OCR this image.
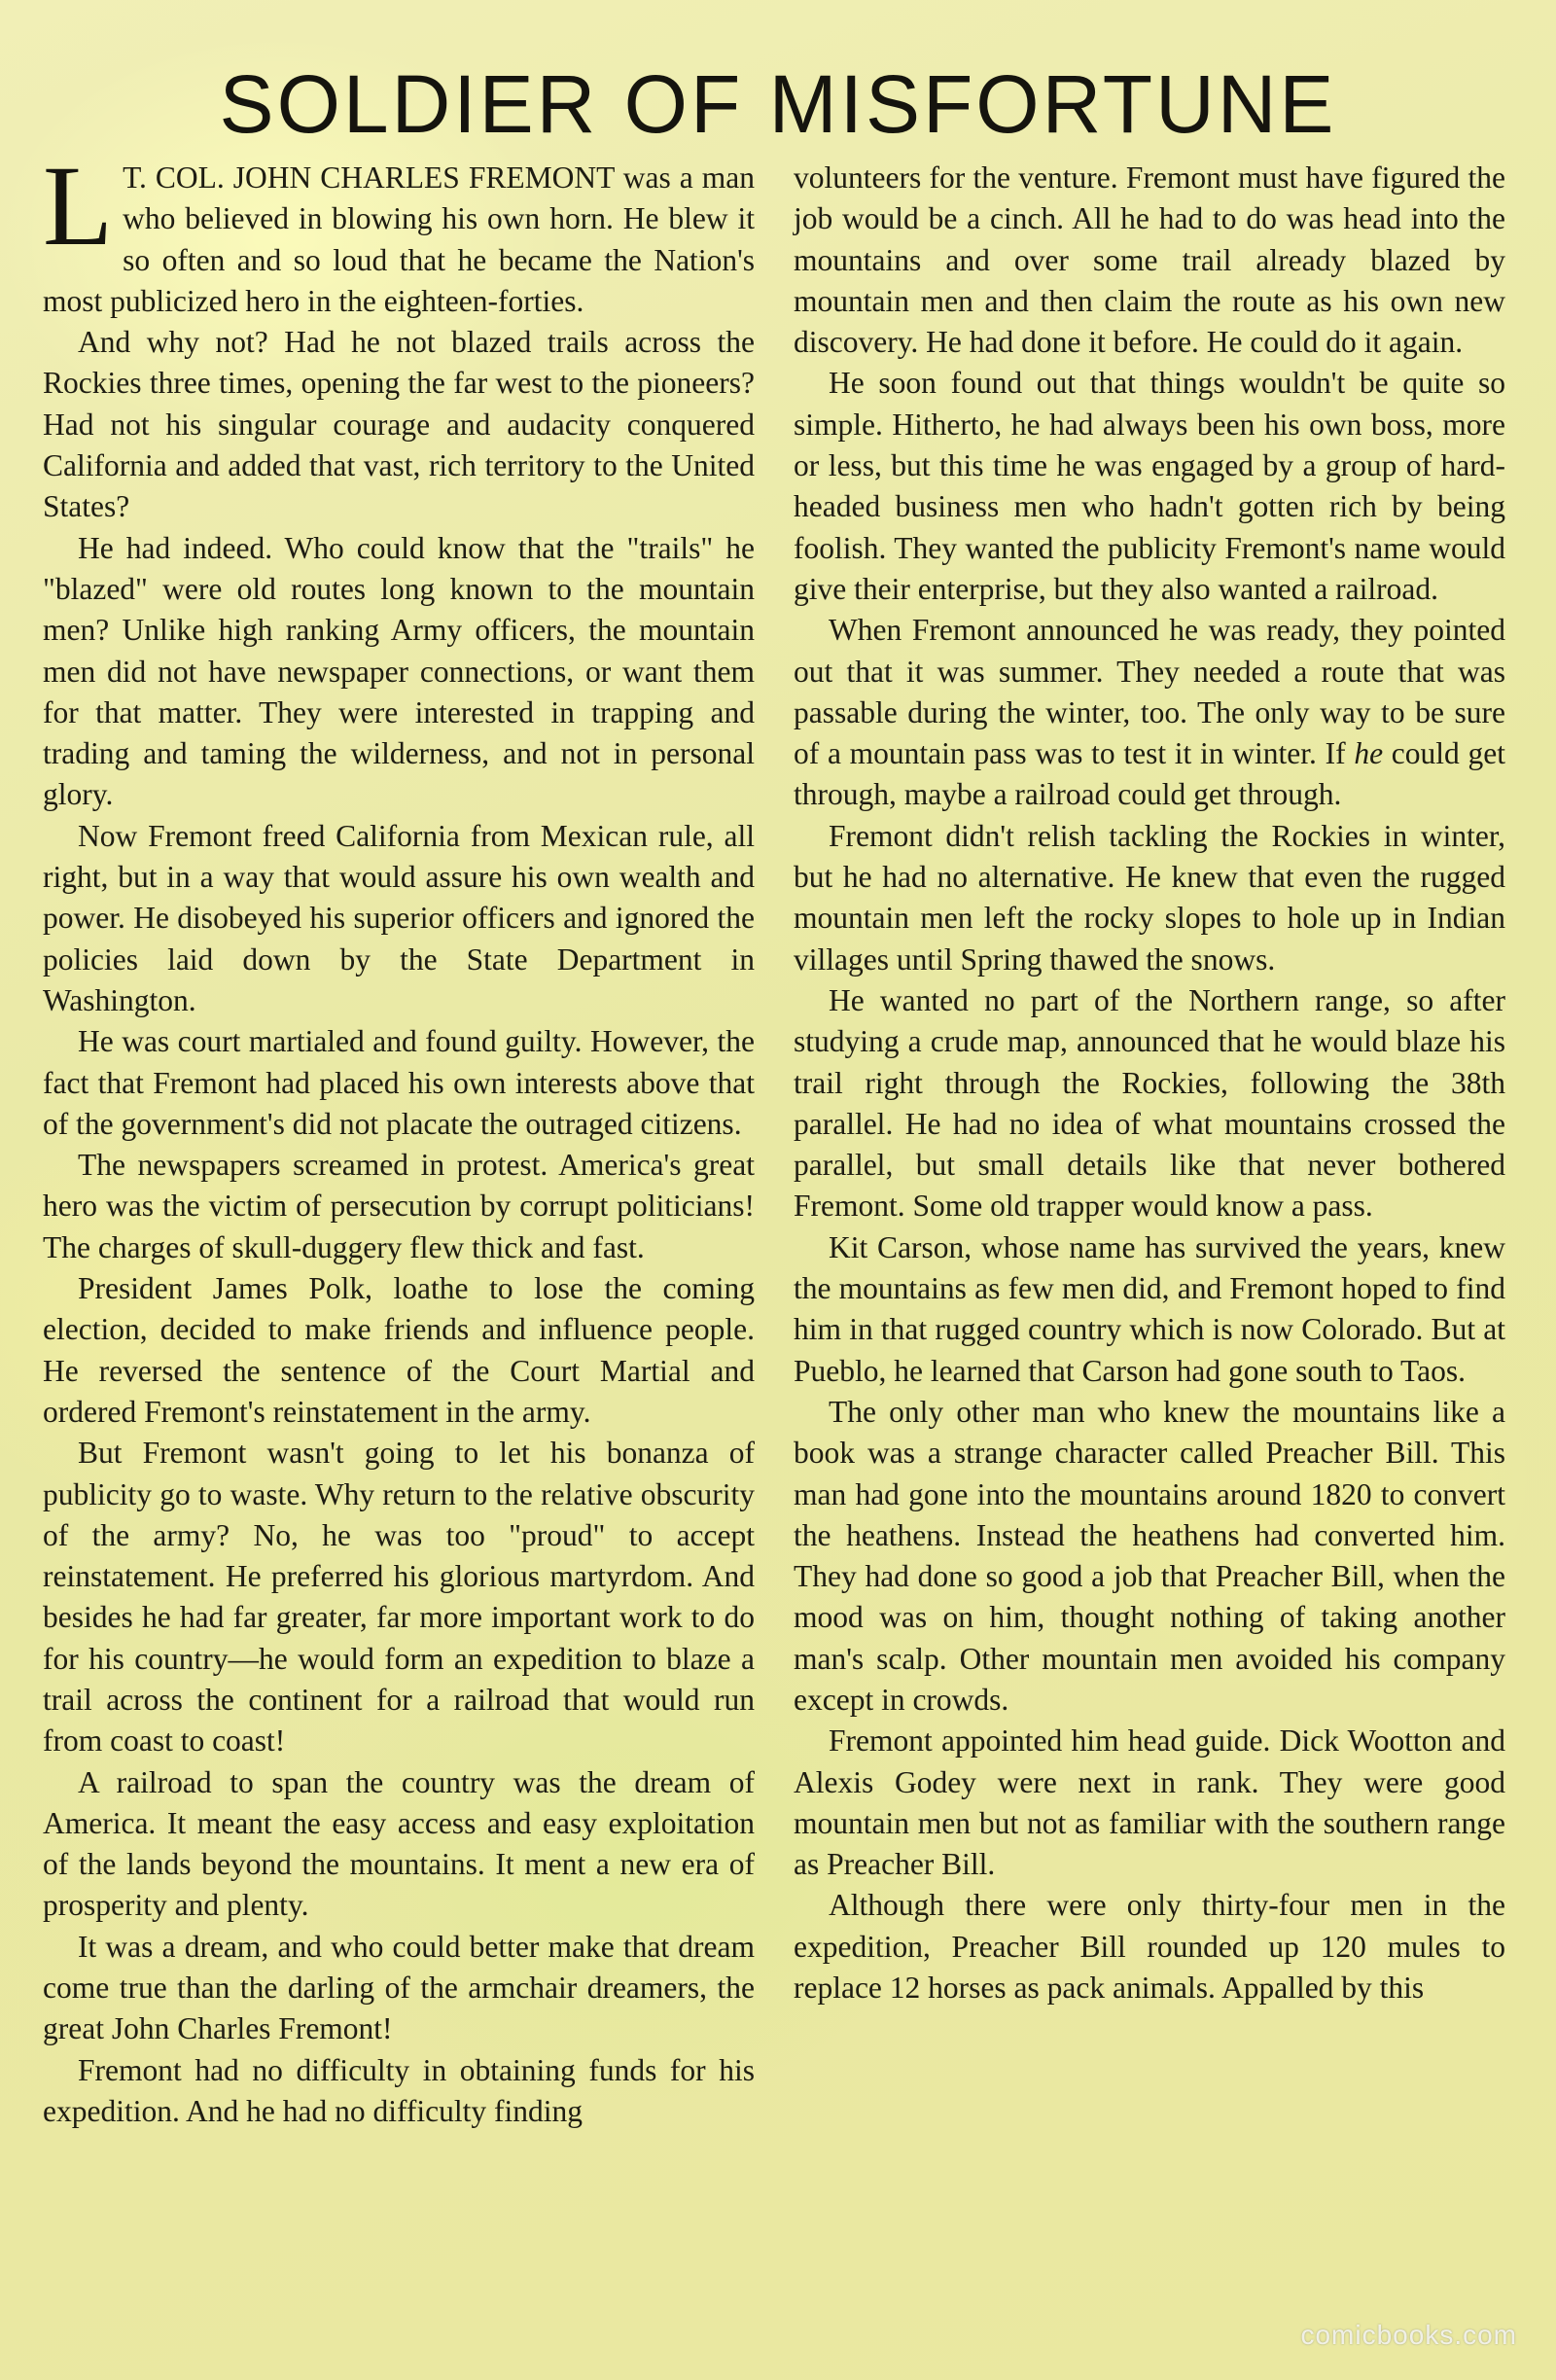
SOLDIER OF MISFORTUNE

L T. COL. JOHN CHARLES FREMONT was a man who believed in blowing his own horn. He blew it so often and so loud that he became the Nation's most publicized hero in the eighteen-forties.

And why not? Had he not blazed trails across the Rockies three times, opening the far west to the pioneers? Had not his singular courage and audacity conquered California and added that vast, rich territory to the United States?

He had indeed. Who could know that the "trails" he "blazed" were old routes long known to the mountain men? Unlike high ranking Army officers, the mountain men did not have newspaper connections, or want them for that matter. They were interested in trapping and trading and taming the wilderness, and not in personal glory.

Now Fremont freed California from Mexican rule, all right, but in a way that would assure his own wealth and power. He disobeyed his superior officers and ignored the policies laid down by the State Department in Washington.

He was court martialed and found guilty. However, the fact that Fremont had placed his own interests above that of the government's did not placate the outraged citizens.

The newspapers screamed in protest. America's great hero was the victim of persecution by corrupt politicians! The charges of skull-duggery flew thick and fast.

President James Polk, loathe to lose the coming election, decided to make friends and influence people. He reversed the sentence of the Court Martial and ordered Fremont's reinstatement in the army.

But Fremont wasn't going to let his bonanza of publicity go to waste. Why return to the relative obscurity of the army? No, he was too "proud" to accept reinstatement. He preferred his glorious martyrdom. And besides he had far greater, far more important work to do for his country—he would form an expedition to blaze a trail across the continent for a railroad that would run from coast to coast!

A railroad to span the country was the dream of America. It meant the easy access and easy exploitation of the lands beyond the mountains. It ment a new era of prosperity and plenty.

It was a dream, and who could better make that dream come true than the darling of the armchair dreamers, the great John Charles Fremont!

Fremont had no difficulty in obtaining funds for his expedition. And he had no difficulty finding

volunteers for the venture. Fremont must have figured the job would be a cinch. All he had to do was head into the mountains and over some trail already blazed by mountain men and then claim the route as his own new discovery. He had done it before. He could do it again.

He soon found out that things wouldn't be quite so simple. Hitherto, he had always been his own boss, more or less, but this time he was engaged by a group of hard-headed business men who hadn't gotten rich by being foolish. They wanted the publicity Fremont's name would give their enterprise, but they also wanted a railroad.

When Fremont announced he was ready, they pointed out that it was summer. They needed a route that was passable during the winter, too. The only way to be sure of a mountain pass was to test it in winter. If he could get through, maybe a railroad could get through.

Fremont didn't relish tackling the Rockies in winter, but he had no alternative. He knew that even the rugged mountain men left the rocky slopes to hole up in Indian villages until Spring thawed the snows.

He wanted no part of the Northern range, so after studying a crude map, announced that he would blaze his trail right through the Rockies, following the 38th parallel. He had no idea of what mountains crossed the parallel, but small details like that never bothered Fremont. Some old trapper would know a pass.

Kit Carson, whose name has survived the years, knew the mountains as few men did, and Fremont hoped to find him in that rugged country which is now Colorado. But at Pueblo, he learned that Carson had gone south to Taos.

The only other man who knew the mountains like a book was a strange character called Preacher Bill. This man had gone into the mountains around 1820 to convert the heathens. Instead the heathens had converted him. They had done so good a job that Preacher Bill, when the mood was on him, thought nothing of taking another man's scalp. Other mountain men avoided his company except in crowds.

Fremont appointed him head guide. Dick Wootton and Alexis Godey were next in rank. They were good mountain men but not as familiar with the southern range as Preacher Bill.

Although there were only thirty-four men in the expedition, Preacher Bill rounded up 120 mules to replace 12 horses as pack animals. Appalled by this

comicbooks.com
